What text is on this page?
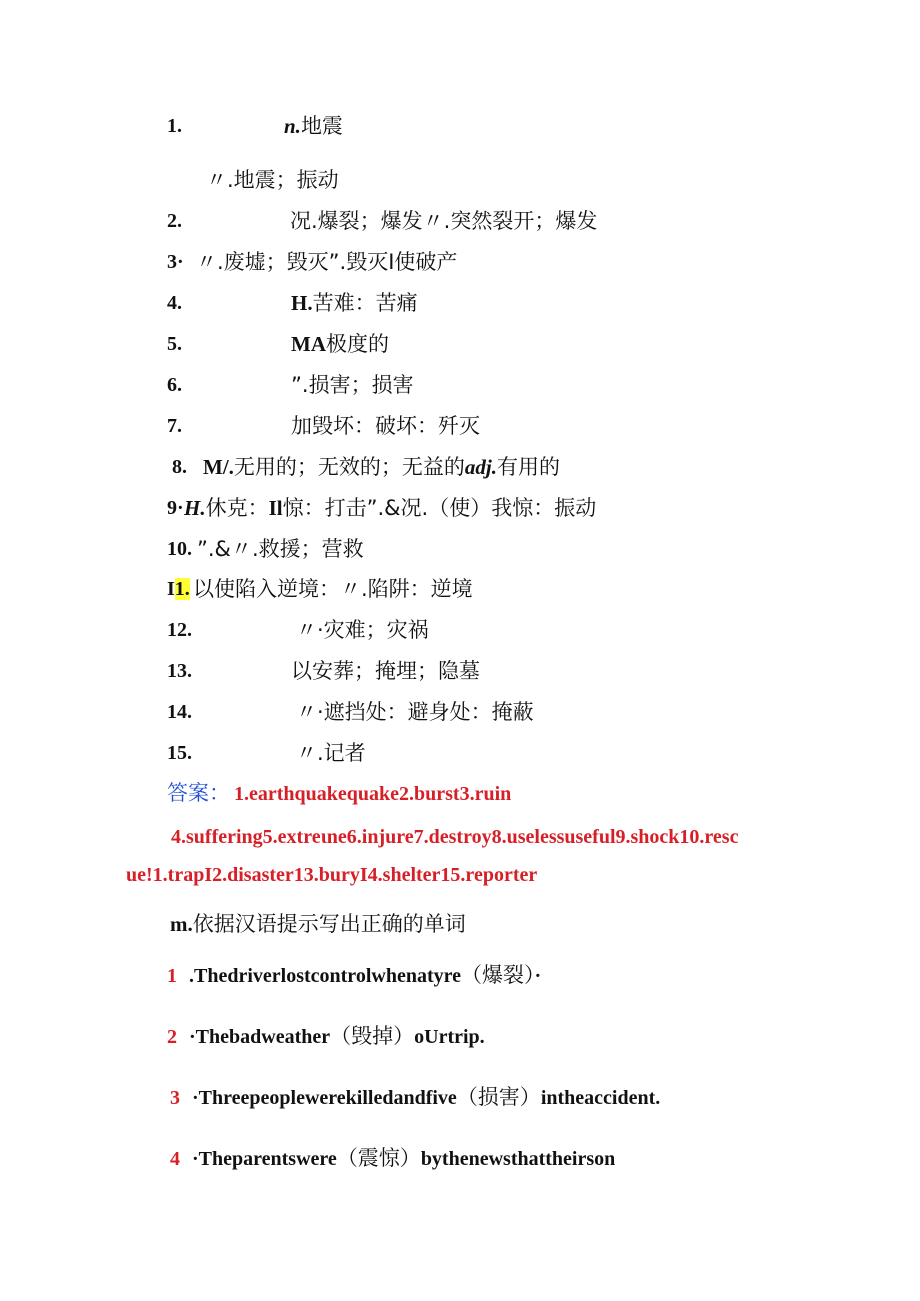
1.	n.地震
〃.地震；振动
2.	况.爆裂；爆发〃.突然裂开；爆发
3· 〃.废墟；毁灭”.毁灭I使破产
4.	H.苦难：苦痛
5.	MA极度的
6.	”.损害；损害
7.	加毁坏：破坏：歼灭
8. M/.无用的；无效的；无益的adj.有用的
9· H.休克：Il惊：打击”.&况.（使）我惊：振动
10. ”.&〃.救援；营救
I1. 以使陷入逆境：〃.陷阱：逆境
12.	〃·灾难；灾祸
13.	以安葬；掩埋；隐墓
14.	〃·遮挡处：避身处：掩蔽
15.	〃.记者
答案： 1.earthquakequake2.burst3.ruin
4.suffering5.extreιne6.injure7.destroy8.uselessuseful9.shock10.resc
ue!1.trapI2.disaster13.buryI4.shelter15.reporter
m.依据汉语提示写出正确的单词
1 .Thedriverlostcontrolwhenatyre（爆裂）·
2 ·Thebadweather（毁掉）oUrtrip.
3 ·Threepeoplewerekilledandfive（损害）intheaccident.
4 ·Theparentswere（震惊）bythenewsthattheirson
